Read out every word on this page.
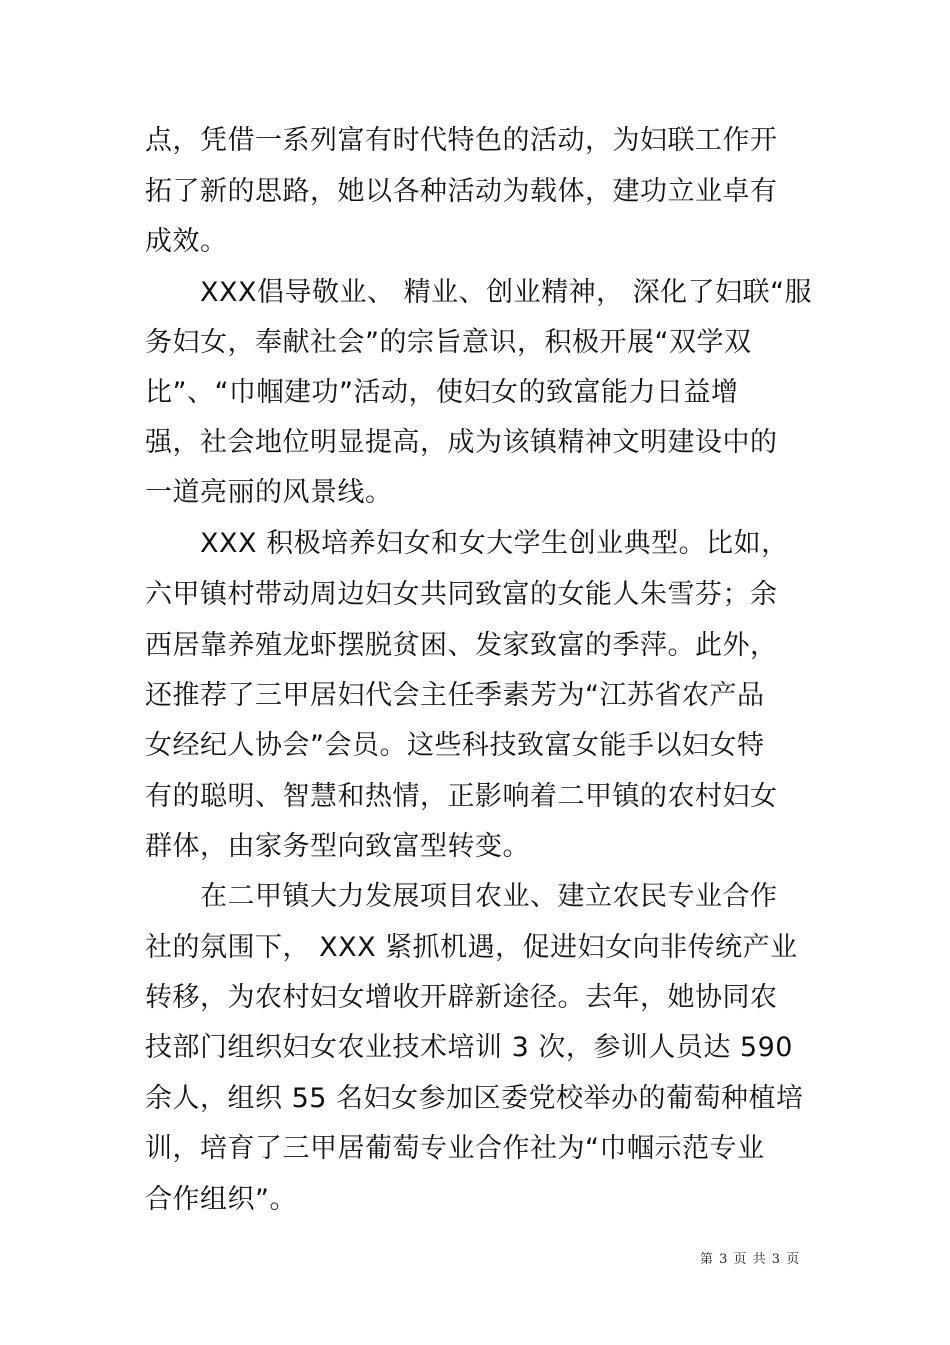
点，凭借一系列富有时代特色的活动，为妇联工作开
拓了新的思路，她以各种活动为载体，建功立业卓有
成效。
XXX倡导敬业、 精业、创业精神， 深化了妇联“服
务妇女，奉献社会”的宗旨意识，积极开展“双学双
比”、“巾帼建功”活动，使妇女的致富能力日益增
强，社会地位明显提高，成为该镇精神文明建设中的
一道亮丽的风景线。
XXX 积极培养妇女和女大学生创业典型。比如，
六甲镇村带动周边妇女共同致富的女能人朱雪芬；余
西居靠养殖龙虾摆脱贫困、发家致富的季萍。此外，
还推荐了三甲居妇代会主任季素芳为“江苏省农产品
女经纪人协会”会员。这些科技致富女能手以妇女特
有的聪明、智慧和热情，正影响着二甲镇的农村妇女
群体，由家务型向致富型转变。
在二甲镇大力发展项目农业、建立农民专业合作
社的氛围下， XXX 紧抓机遇，促进妇女向非传统产业
转移，为农村妇女增收开辟新途径。去年，她协同农
技部门组织妇女农业技术培训 3 次，参训人员达 590
余人，组织 55 名妇女参加区委党校举办的葡萄种植培
训，培育了三甲居葡萄专业合作社为“巾帼示范专业
合作组织”。
第 3 页 共 3 页
